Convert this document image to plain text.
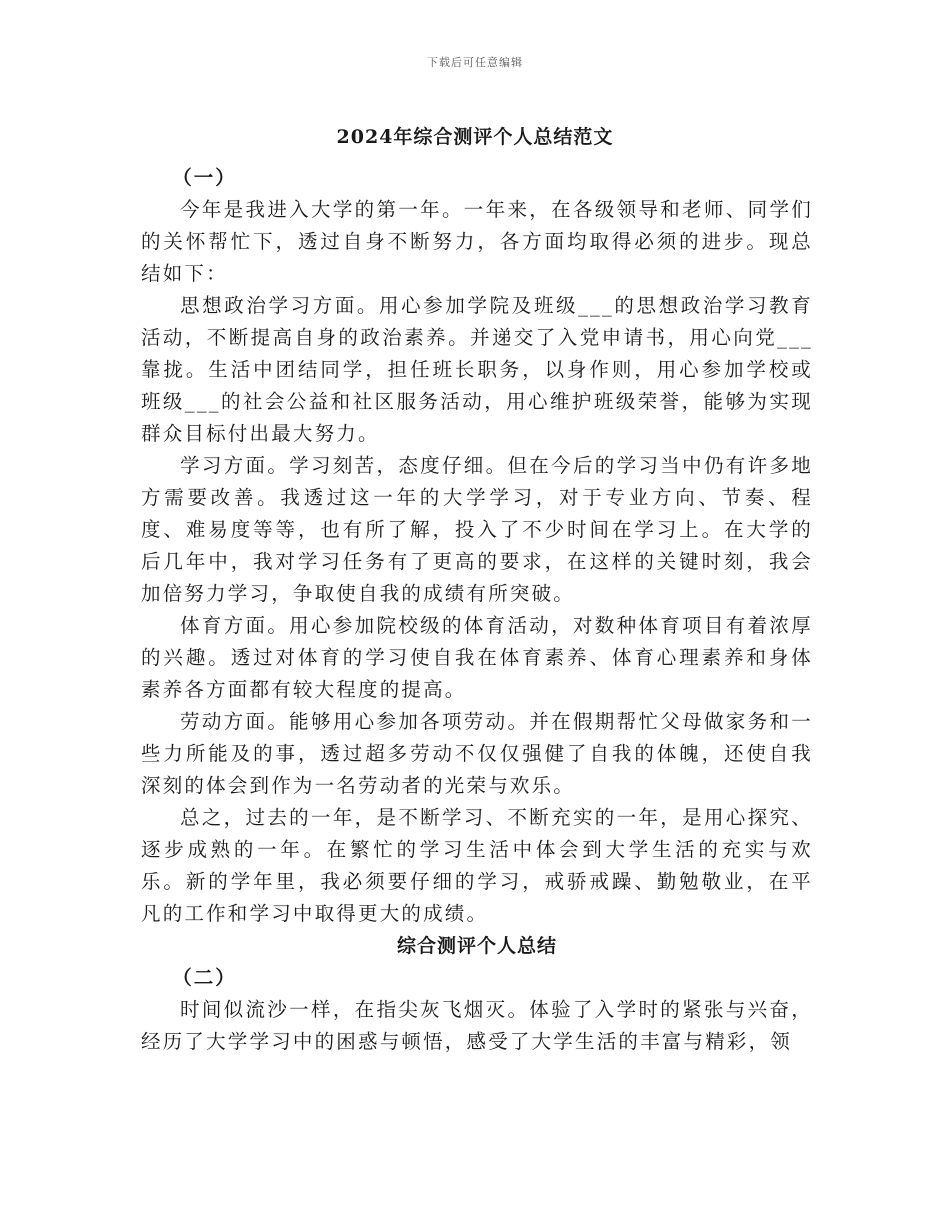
下载后可任意编辑
2024年综合测评个人总结范文

（一）

今年是我进入大学的第一年。一年来，在各级领导和老师、同学们的关怀帮忙下，透过自身不断努力，各方面均取得必须的进步。现总结如下：

思想政治学习方面。用心参加学院及班级___的思想政治学习教育活动，不断提高自身的政治素养。并递交了入党申请书，用心向党___靠拢。生活中团结同学，担任班长职务，以身作则，用心参加学校或班级___的社会公益和社区服务活动，用心维护班级荣誉，能够为实现群众目标付出最大努力。

学习方面。学习刻苦，态度仔细。但在今后的学习当中仍有许多地方需要改善。我透过这一年的大学学习，对于专业方向、节奏、程度、难易度等等，也有所了解，投入了不少时间在学习上。在大学的后几年中，我对学习任务有了更高的要求，在这样的关键时刻，我会加倍努力学习，争取使自我的成绩有所突破。

体育方面。用心参加院校级的体育活动，对数种体育项目有着浓厚的兴趣。透过对体育的学习使自我在体育素养、体育心理素养和身体素养各方面都有较大程度的提高。

劳动方面。能够用心参加各项劳动。并在假期帮忙父母做家务和一些力所能及的事，透过超多劳动不仅仅强健了自我的体魄，还使自我深刻的体会到作为一名劳动者的光荣与欢乐。

总之，过去的一年，是不断学习、不断充实的一年，是用心探究、逐步成熟的一年。在繁忙的学习生活中体会到大学生活的充实与欢乐。新的学年里，我必须要仔细的学习，戒骄戒躁、勤勉敬业，在平凡的工作和学习中取得更大的成绩。

综合测评个人总结

（二）

时间似流沙一样，在指尖灰飞烟灭。体验了入学时的紧张与兴奋，经历了大学学习中的困惑与顿悟，感受了大学生活的丰富与精彩，领
